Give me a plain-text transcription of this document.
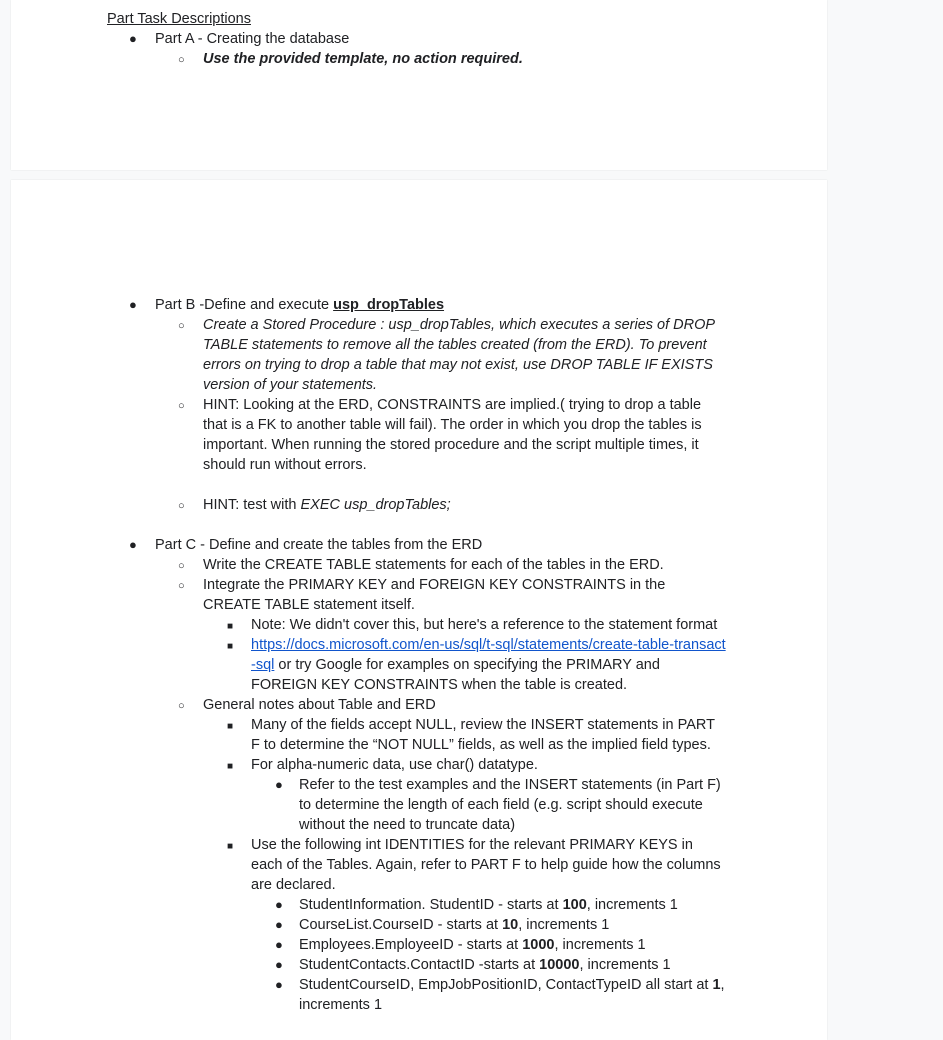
Part Task Descriptions
●
Part A - Creating the database
○
Use the provided template, no action required.
●
Part B -Define and execute usp_dropTables
○
Create a Stored Procedure : usp_dropTables, which executes a series of DROP
TABLE statements to remove all the tables created (from the ERD). To prevent
errors on trying to drop a table that may not exist, use DROP TABLE IF EXISTS
version of your statements.
○
HINT: Looking at the ERD, CONSTRAINTS are implied.( trying to drop a table
that is a FK to another table will fail). The order in which you drop the tables is
important. When running the stored procedure and the script multiple times, it
should run without errors.
○
HINT: test with EXEC usp_dropTables;
●
Part C - Define and create the tables from the ERD
○
Write the CREATE TABLE statements for each of the tables in the ERD.
○
Integrate the PRIMARY KEY and FOREIGN KEY CONSTRAINTS in the
CREATE TABLE statement itself.
■
Note: We didn't cover this, but here's a reference to the statement format
■
https://docs.microsoft.com/en-us/sql/t-sql/statements/create-table-transact
-sql or try Google for examples on specifying the PRIMARY and
FOREIGN KEY CONSTRAINTS when the table is created.
○
General notes about Table and ERD
■
Many of the fields accept NULL, review the INSERT statements in PART
F to determine the “NOT NULL” fields, as well as the implied field types.
■
For alpha-numeric data, use char() datatype.
●
Refer to the test examples and the INSERT statements (in Part F)
to determine the length of each field (e.g. script should execute
without the need to truncate data)
■
Use the following int IDENTITIES for the relevant PRIMARY KEYS in
each of the Tables. Again, refer to PART F to help guide how the columns
are declared.
●
StudentInformation. StudentID - starts at 100, increments 1
●
CourseList.CourseID - starts at 10, increments 1
●
Employees.EmployeeID - starts at 1000, increments 1
●
StudentContacts.ContactID -starts at 10000, increments 1
●
StudentCourseID, EmpJobPositionID, ContactTypeID all start at 1,
increments 1
